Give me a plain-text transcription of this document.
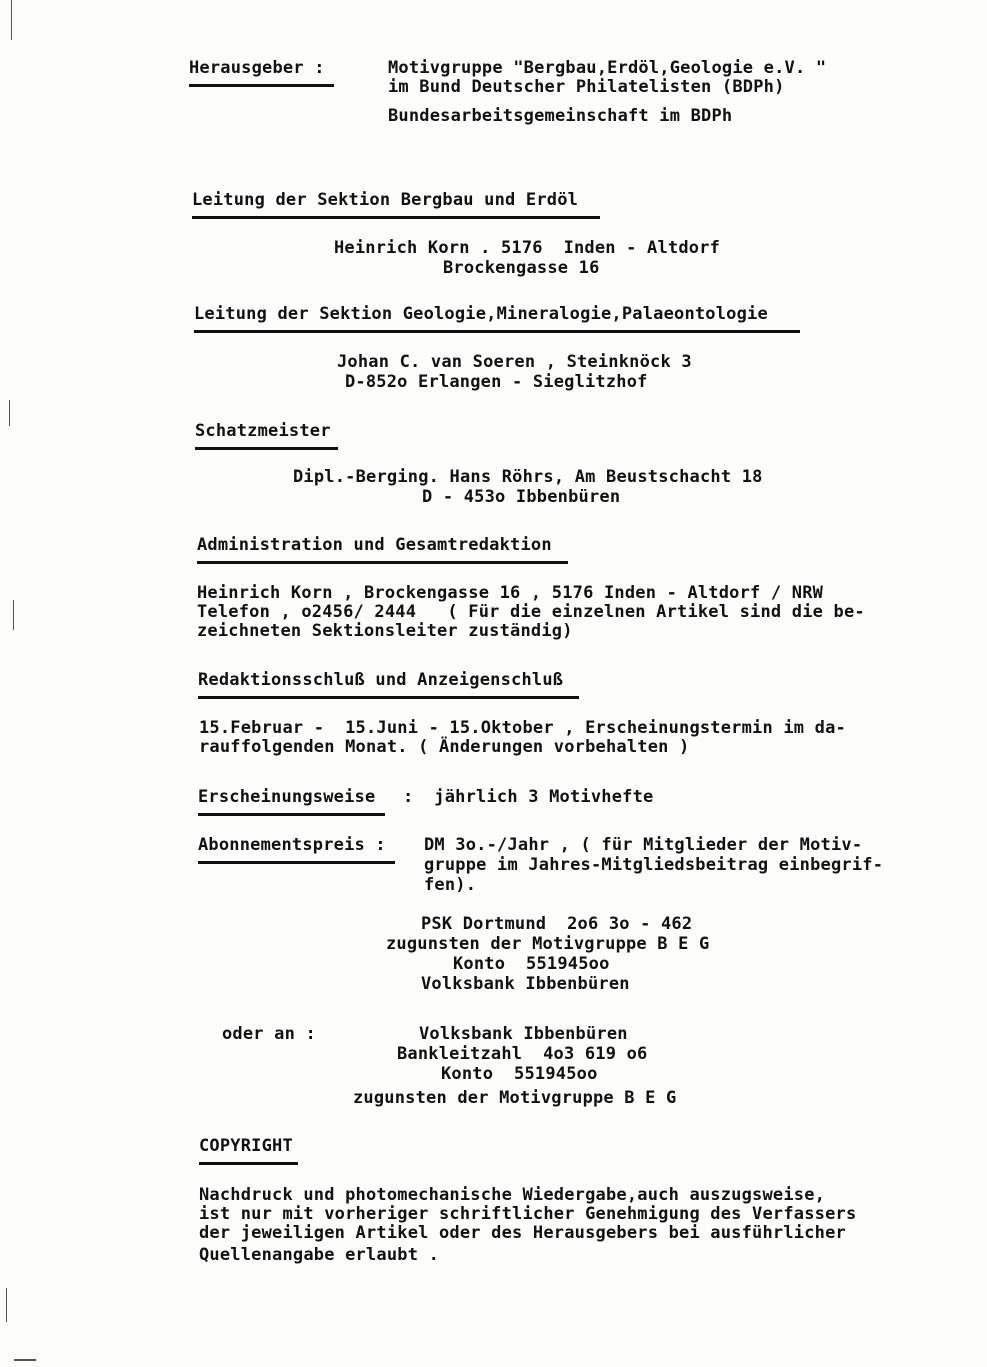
Herausgeber :	Motivgruppe "Bergbau,Erdöl,Geologie e.V. "
im Bund Deutscher Philatelisten (BDPh)
Bundesarbeitsgemeinschaft im BDPh
Leitung der Sektion Bergbau und Erdöl
Heinrich Korn . 5176  Inden - Altdorf
Brockengasse 16
Leitung der Sektion Geologie,Mineralogie,Palaeontologie
Johan C. van Soeren , Steinknöck 3
D-852o Erlangen - Sieglitzhof
Schatzmeister
Dipl.-Berging. Hans Röhrs, Am Beustschacht 18
D - 453o Ibbenbüren
Administration und Gesamtredaktion
Heinrich Korn , Brockengasse 16 , 5176 Inden - Altdorf / NRW
Telefon , o2456/ 2444   ( Für die einzelnen Artikel sind die be-
zeichneten Sektionsleiter zuständig)
Redaktionsschluß und Anzeigenschluß
15.Februar -  15.Juni - 15.Oktober , Erscheinungstermin im da-
rauffolgenden Monat. ( Änderungen vorbehalten )
Erscheinungsweise :  jährlich 3 Motivhefte
Abonnementspreis : DM 3o.-/Jahr , ( für Mitglieder der Motiv-
gruppe im Jahres-Mitgliedsbeitrag einbegrif-
fen).
PSK Dortmund  2o6 3o - 462
zugunsten der Motivgruppe B E G
Konto  551945oo
Volksbank Ibbenbüren
oder an :	Volksbank Ibbenbüren
Bankleitzahl  4o3 619 o6
Konto  551945oo
zugunsten der Motivgruppe B E G
COPYRIGHT
Nachdruck und photomechanische Wiedergabe,auch auszugsweise,
ist nur mit vorheriger schriftlicher Genehmigung des Verfassers
der jeweiligen Artikel oder des Herausgebers bei ausführlicher
Quellenangabe erlaubt .
